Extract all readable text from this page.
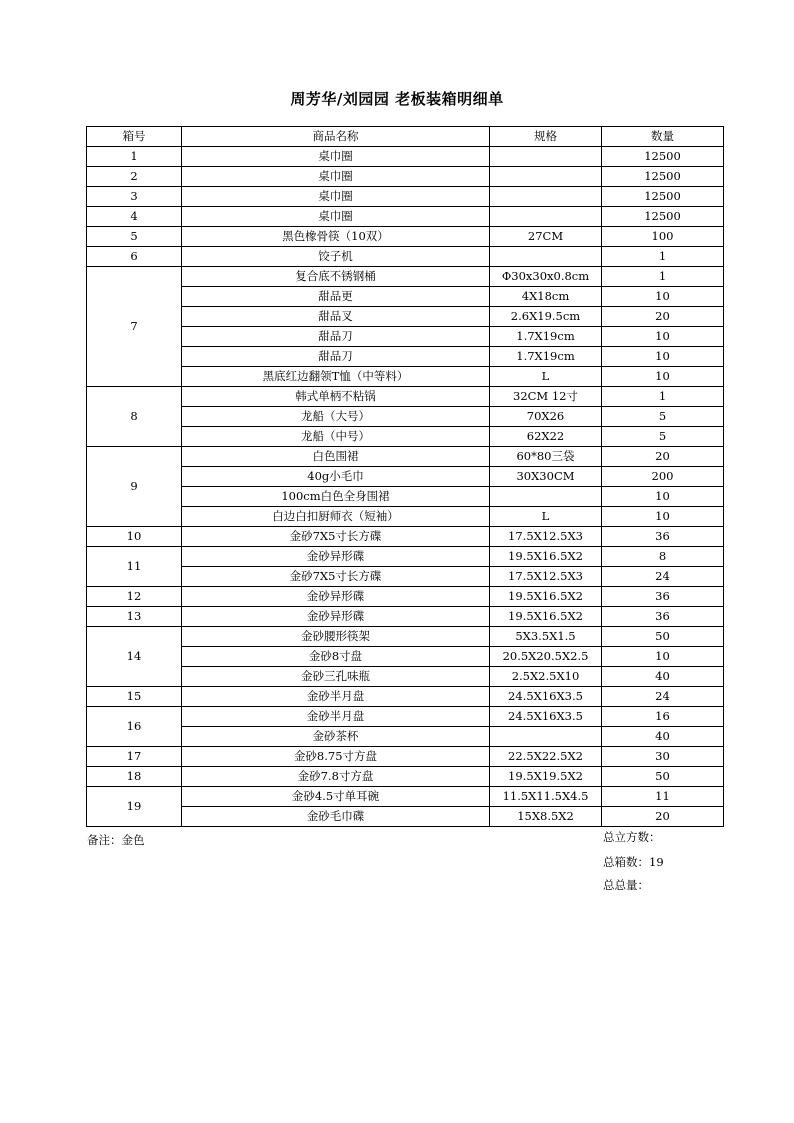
周芳华/刘园园 老板装箱明细单
箱号	商品名称	规格	数量
1	桌巾圈		12500
2	桌巾圈		12500
3	桌巾圈		12500
4	桌巾圈		12500
5	黑色橡骨筷（10双）	27CM	100
6	饺子机		1
7	复合底不锈钢桶	Φ30x30x0.8cm	1
	甜品更	4X18cm	10
	甜品叉	2.6X19.5cm	20
	甜品刀	1.7X19cm	10
	甜品刀	1.7X19cm	10
	黑底红边翻领T恤（中等料）	L	10
8	韩式单柄不粘锅	32CM 12寸	1
	龙船（大号）	70X26	5
	龙船（中号）	62X22	5
9	白色围裙	60*80三袋	20
	40g小毛巾	30X30CM	200
	100cm白色全身围裙		10
	白边白扣厨师衣（短袖）	L	10
10	金砂7X5寸长方碟	17.5X12.5X3	36
11	金砂异形碟	19.5X16.5X2	8
	金砂7X5寸长方碟	17.5X12.5X3	24
12	金砂异形碟	19.5X16.5X2	36
13	金砂异形碟	19.5X16.5X2	36
14	金砂腰形筷架	5X3.5X1.5	50
	金砂8寸盘	20.5X20.5X2.5	10
	金砂三孔味瓶	2.5X2.5X10	40
15	金砂半月盘	24.5X16X3.5	24
16	金砂半月盘	24.5X16X3.5	16
	金砂茶杯		40
17	金砂8.75寸方盘	22.5X22.5X2	30
18	金砂7.8寸方盘	19.5X19.5X2	50
19	金砂4.5寸单耳碗	11.5X11.5X4.5	11
	金砂毛巾碟	15X8.5X2	20
备注：金色	总立方数：
总箱数：19
总总量：
